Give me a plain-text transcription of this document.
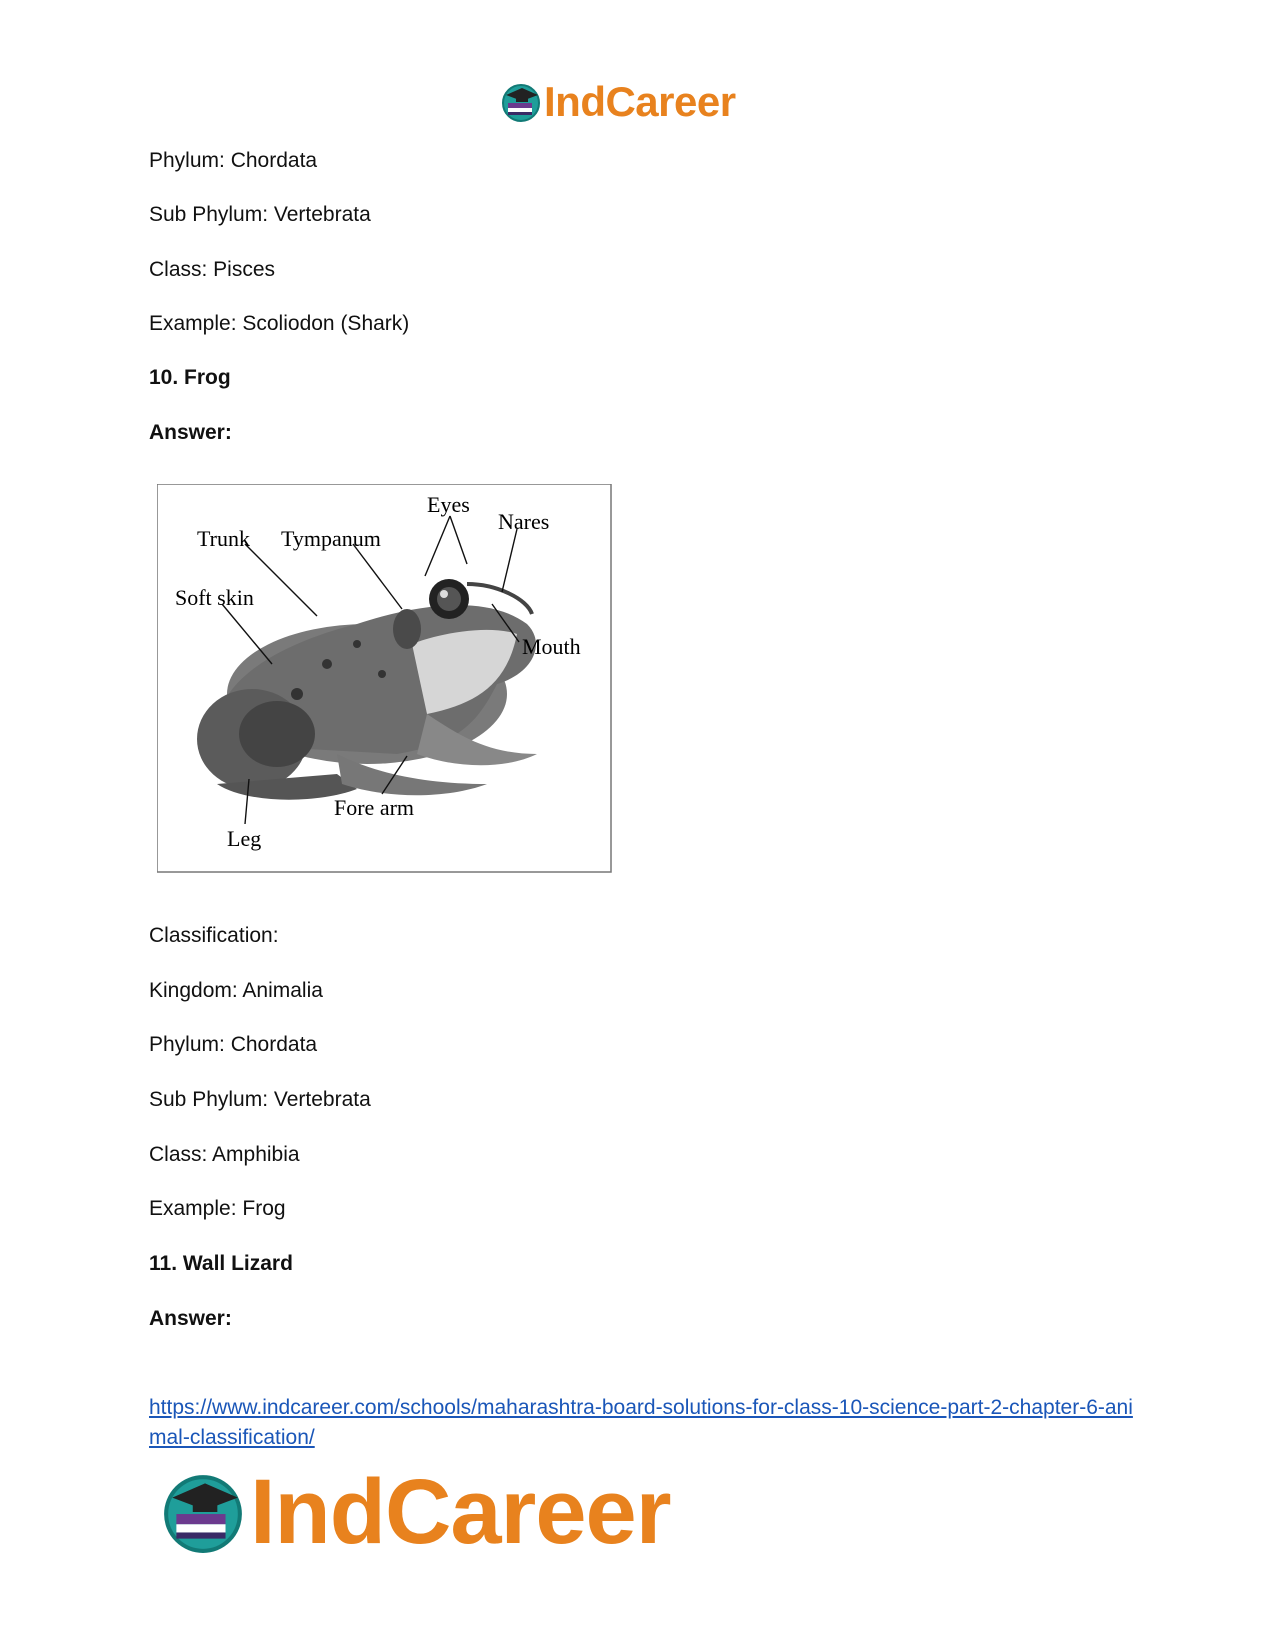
IndCareer
Phylum: Chordata
Sub Phylum: Vertebrata
Class: Pisces
Example: Scoliodon (Shark)
10. Frog
Answer:
Eyes
Nares
Trunk Tympanum
Soft skin
Mouth
Fore arm
Leg
Classification:
Kingdom: Animalia
Phylum: Chordata
Sub Phylum: Vertebrata
Class: Amphibia
Example: Frog
11. Wall Lizard
Answer:
https://www.indcareer.com/schools/maharashtra-board-solutions-for-class-10-science-part-2-chapter-6-animal-classification/
IndCareer
